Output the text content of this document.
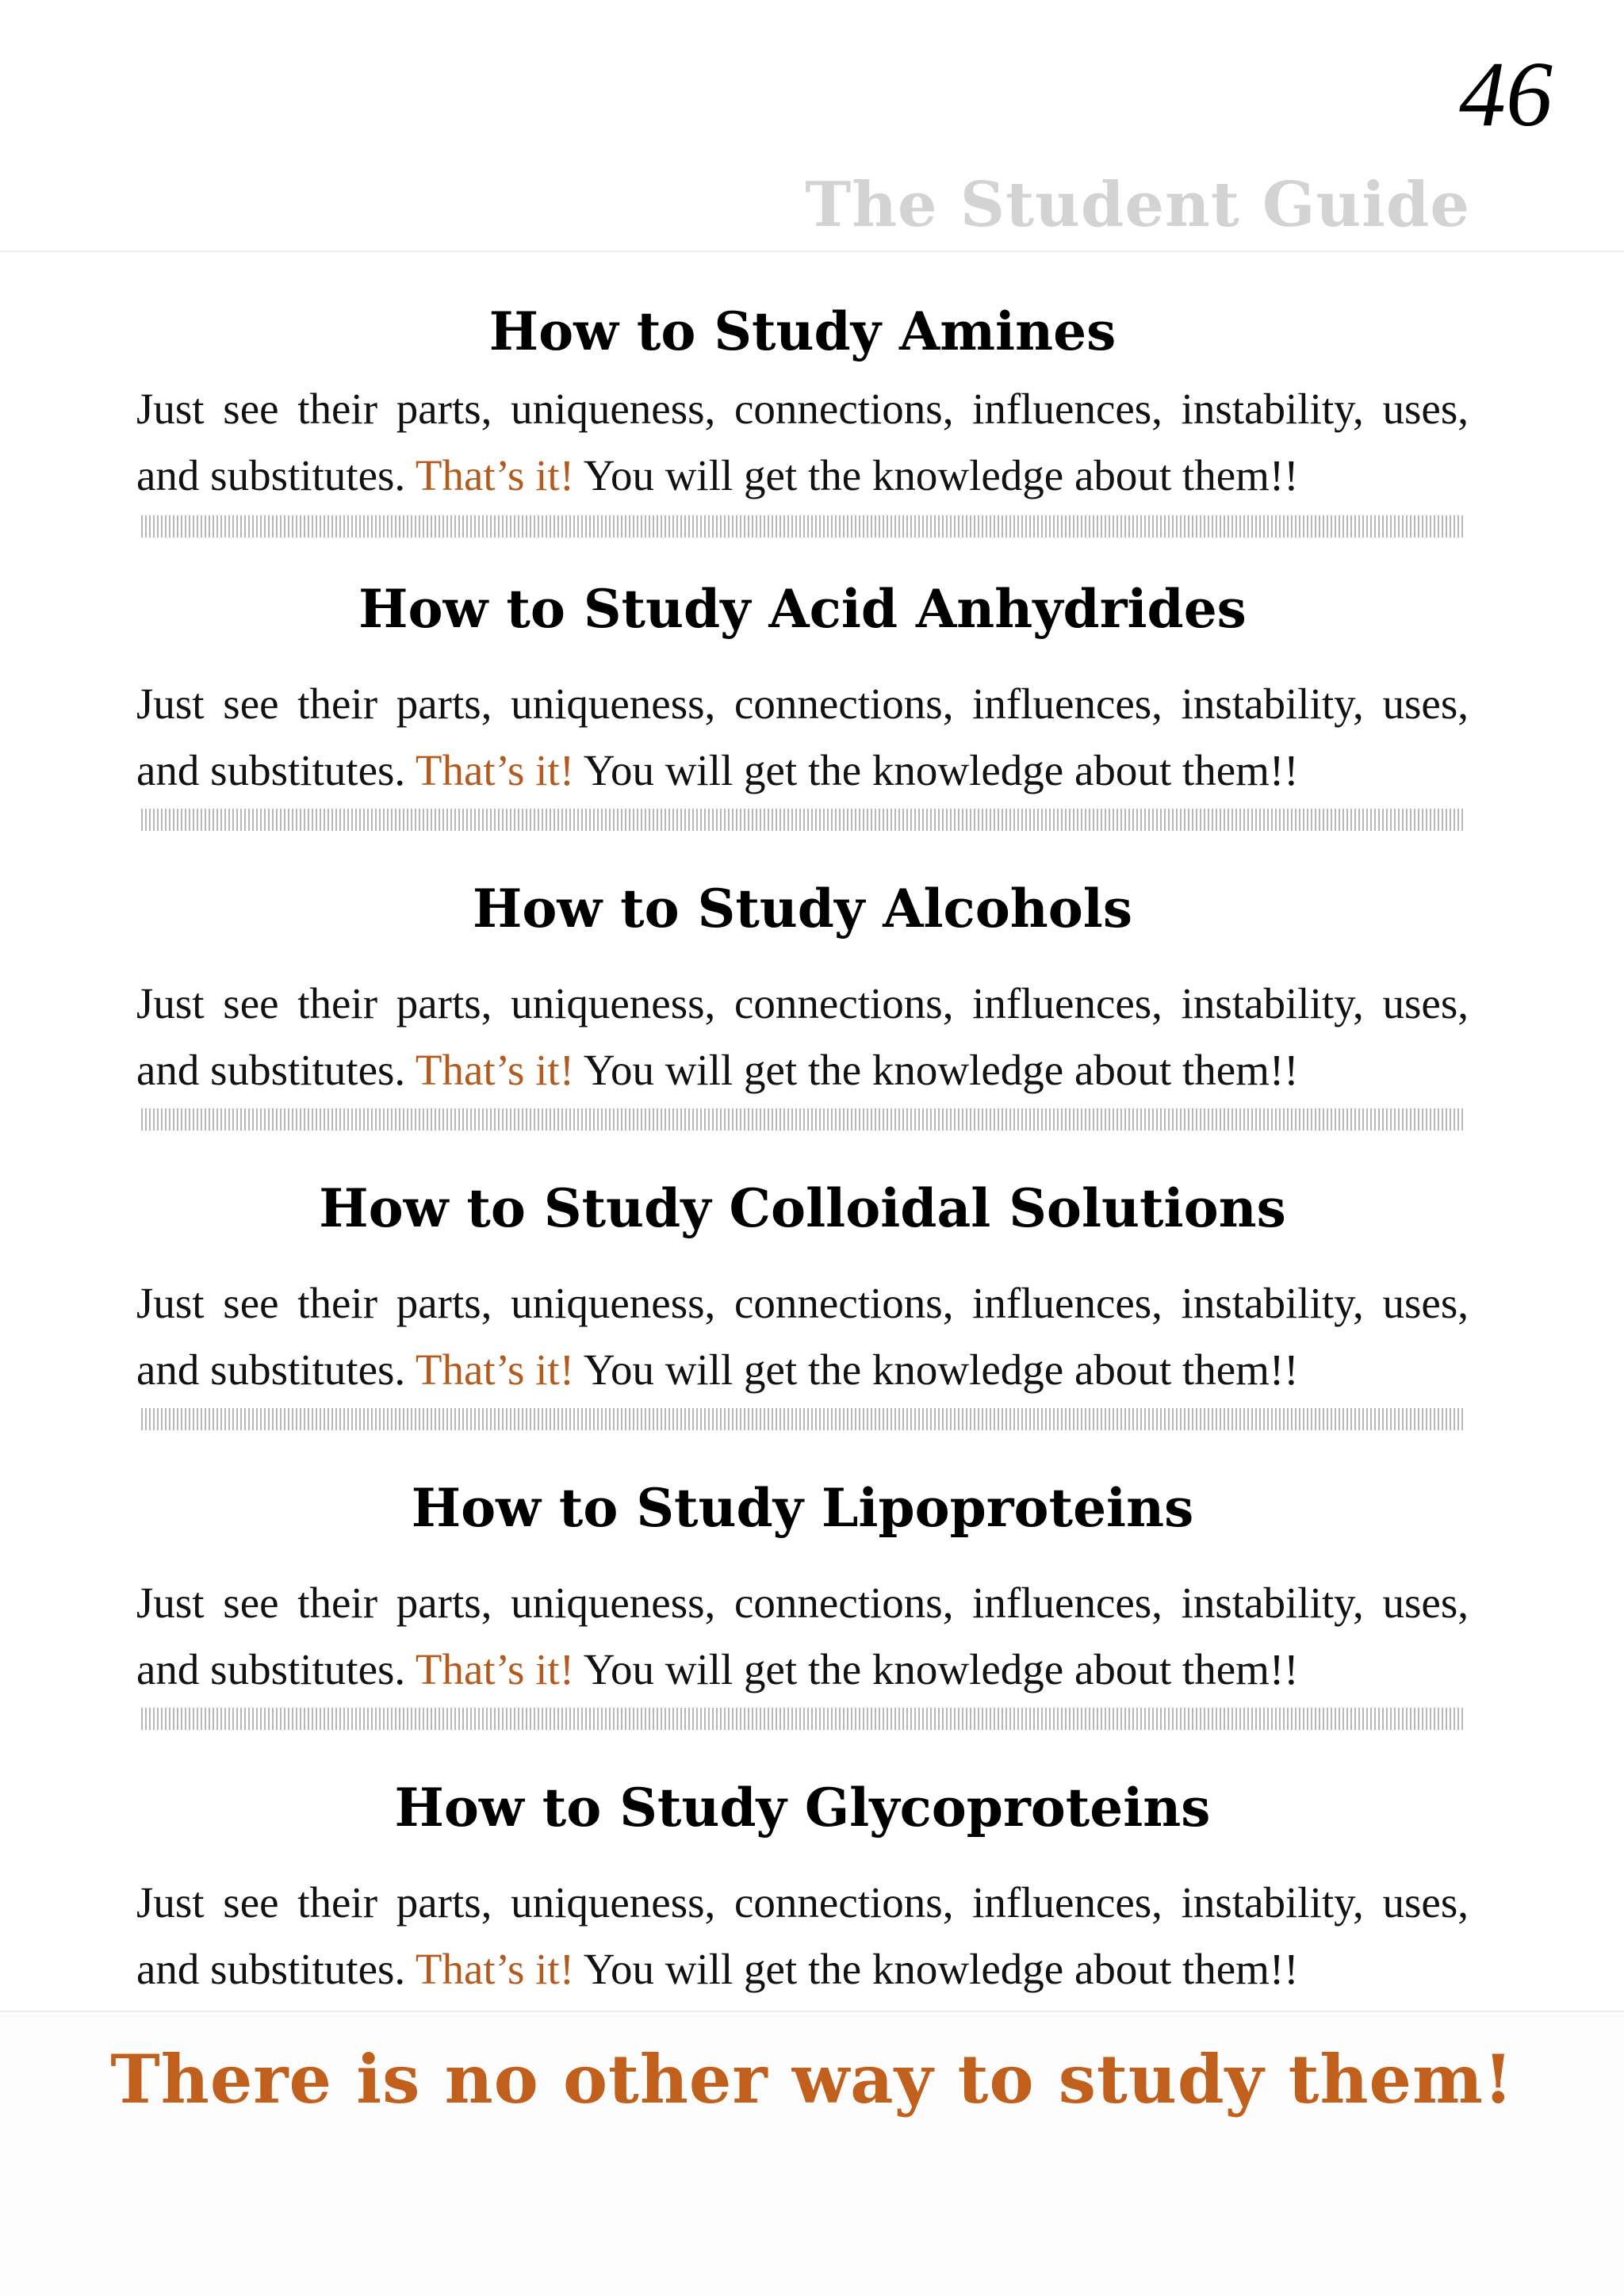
46
The Student Guide
How to Study Amines
Just see their parts, uniqueness, connections, influences, instability, uses, and substitutes. That’s it! You will get the knowledge about them!!
How to Study Acid Anhydrides
Just see their parts, uniqueness, connections, influences, instability, uses, and substitutes. That’s it! You will get the knowledge about them!!
How to Study Alcohols
Just see their parts, uniqueness, connections, influences, instability, uses, and substitutes. That’s it! You will get the knowledge about them!!
How to Study Colloidal Solutions
Just see their parts, uniqueness, connections, influences, instability, uses, and substitutes. That’s it! You will get the knowledge about them!!
How to Study Lipoproteins
Just see their parts, uniqueness, connections, influences, instability, uses, and substitutes. That’s it! You will get the knowledge about them!!
How to Study Glycoproteins
Just see their parts, uniqueness, connections, influences, instability, uses, and substitutes. That’s it! You will get the knowledge about them!!
There is no other way to study them!
